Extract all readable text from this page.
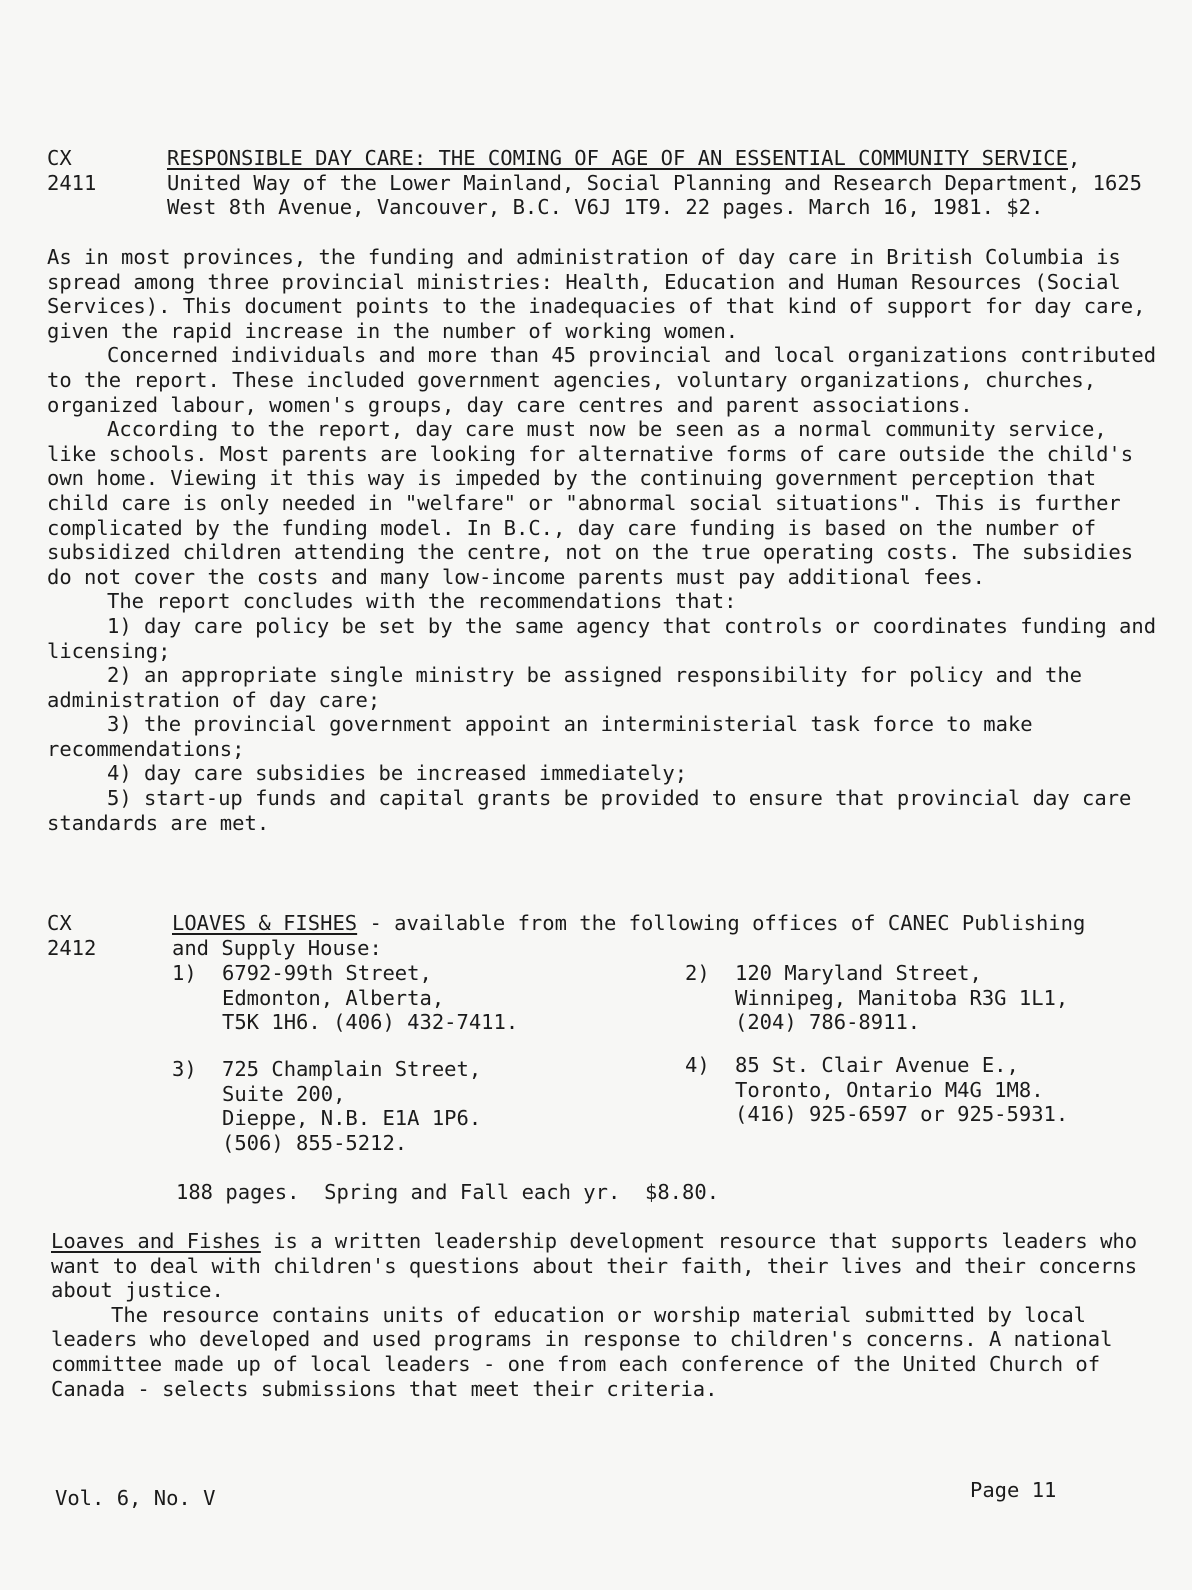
CX
2411
RESPONSIBLE DAY CARE: THE COMING OF AGE OF AN ESSENTIAL COMMUNITY SERVICE, United Way of the Lower Mainland, Social Planning and Research Department, 1625 West 8th Avenue, Vancouver, B.C. V6J 1T9. 22 pages. March 16, 1981. $2.

As in most provinces, the funding and administration of day care in British Columbia is spread among three provincial ministries: Health, Education and Human Resources (Social Services). This document points to the inadequacies of that kind of support for day care, given the rapid increase in the number of working women.

Concerned individuals and more than 45 provincial and local organizations contributed to the report. These included government agencies, voluntary organizations, churches, organized labour, women's groups, day care centres and parent associations.

According to the report, day care must now be seen as a normal community service, like schools. Most parents are looking for alternative forms of care outside the child's own home. Viewing it this way is impeded by the continuing government perception that child care is only needed in "welfare" or "abnormal social situations". This is further complicated by the funding model. In B.C., day care funding is based on the number of subsidized children attending the centre, not on the true operating costs. The subsidies do not cover the costs and many low-income parents must pay additional fees.

The report concludes with the recommendations that:

1) day care policy be set by the same agency that controls or coordinates funding and licensing;

2) an appropriate single ministry be assigned responsibility for policy and the administration of day care;

3) the provincial government appoint an interministerial task force to make recommendations;

4) day care subsidies be increased immediately;

5) start-up funds and capital grants be provided to ensure that provincial day care standards are met.

CX
2412
LOAVES & FISHES - available from the following offices of CANEC Publishing
and Supply House:
1)	6792-99th Street,
Edmonton, Alberta,
T5K 1H6. (406) 432-7411.
2)	120 Maryland Street,
Winnipeg, Manitoba R3G 1L1,
(204) 786-8911.
3)	725 Champlain Street,
Suite 200,
Dieppe, N.B. E1A 1P6.
(506) 855-5212.
4)	85 St. Clair Avenue E.,
Toronto, Ontario M4G 1M8.
(416) 925-6597 or 925-5931.
188 pages.  Spring and Fall each yr.  $8.80.

Loaves and Fishes is a written leadership development resource that supports leaders who want to deal with children's questions about their faith, their lives and their concerns about justice.

The resource contains units of education or worship material submitted by local leaders who developed and used programs in response to children's concerns. A national committee made up of local leaders - one from each conference of the United Church of Canada - selects submissions that meet their criteria.

Vol. 6, No. V	Page 11
